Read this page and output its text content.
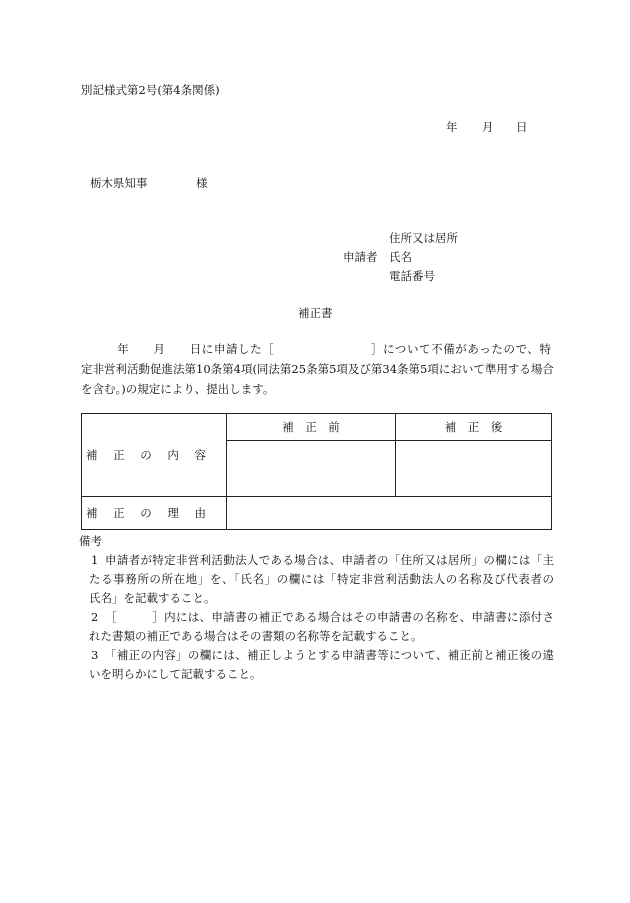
別記様式第2号(第4条関係)
年 月 日
栃木県知事	様
住所又は居所
申請者 氏名
電話番号
補正書
　　　年　　月　　日に申請した［　　　　　　　　］について不備があったので、特
定非営利活動促進法第10条第4項(同法第25条第5項及び第34条第5項において準用する場合
を含む。)の規定により、提出します。
補 正 の 内 容	補　正　前	補　正　後

補 正 の 理 由		

備考
1 申請者が特定非営利活動法人である場合は、申請者の「住所又は居所」の欄には「主
たる事務所の所在地」を、「氏名」の欄には「特定非営利活動法人の名称及び代表者の
氏名」を記載すること。
2 ［　　　］内には、申請書の補正である場合はその申請書の名称を、申請書に添付さ
れた書類の補正である場合はその書類の名称等を記載すること。
3 「補正の内容」の欄には、補正しようとする申請書等について、補正前と補正後の違
いを明らかにして記載すること。
